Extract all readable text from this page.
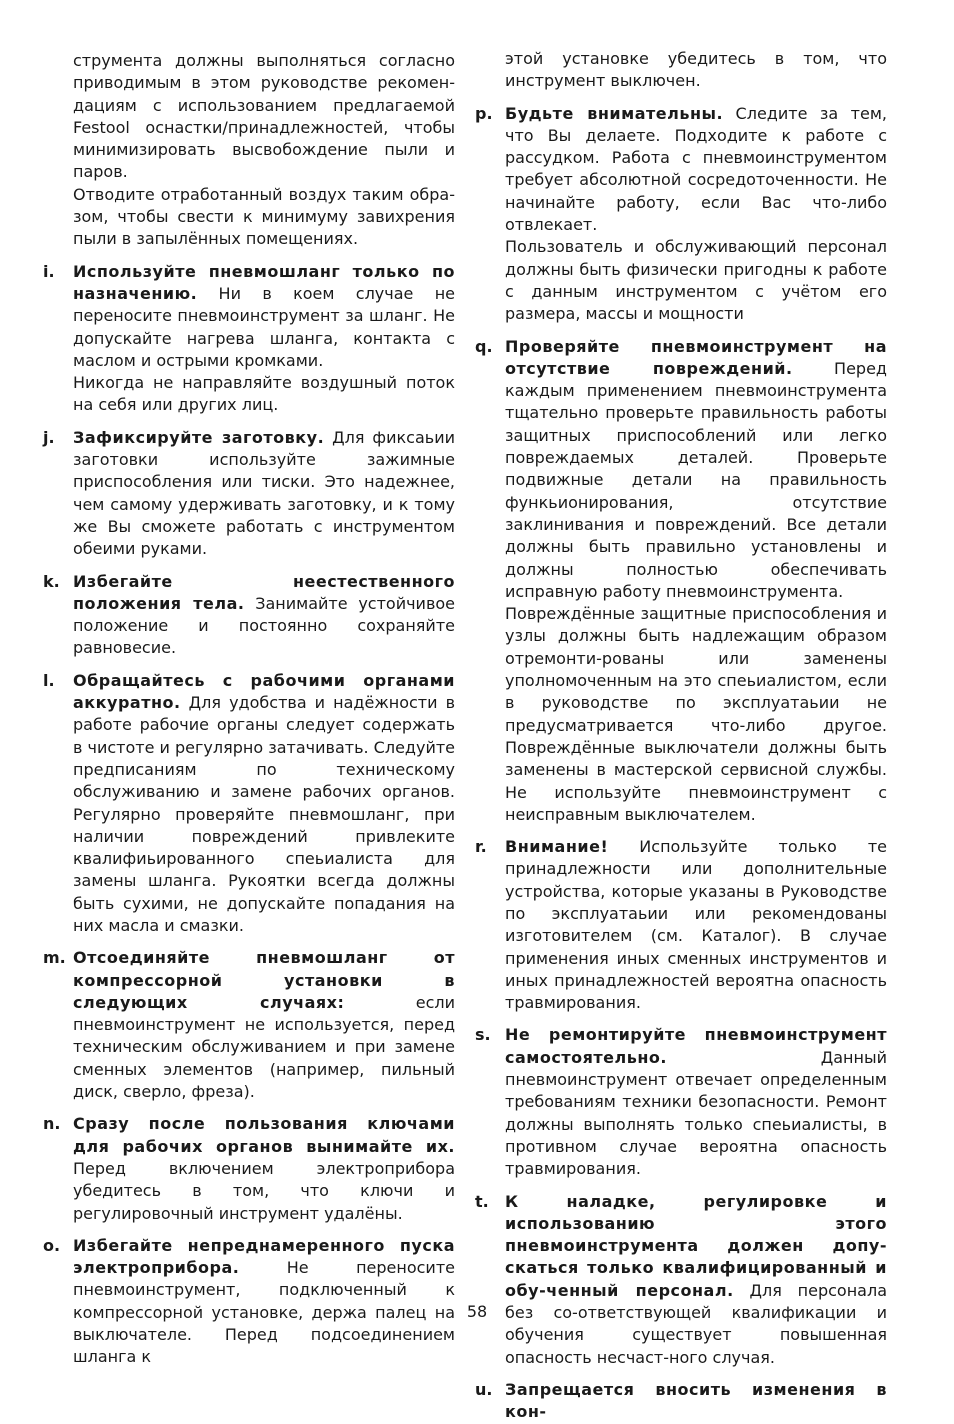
струмента должны выполняться согласно приводимым в этом руководстве рекомен-дациям с использованием предлагаемой Festool оснастки/принадлежностей, чтобы минимизировать высвобождение пыли и паров.

Отводите отработанный воздух таким обра-зом, чтобы свести к минимуму завихрения пыли в запылённых помещениях.

i. Используйте пневмошланг только по назначению. Ни в коем случае не переносите пневмоинструмент за шланг. Не допускайте нагрева шланга, контакта с маслом и острыми кромками.

Никогда не направляйте воздушный поток на себя или других лиц.

j. Зафиксируйте заготовку. Для фиксаьии заготовки используйте зажимные приспособления или тиски. Это надежнее, чем самому удерживать заготовку, и к тому же Вы сможете работать с инструментом обеими руками.

k. Избегайте неестественного положения тела. Занимайте устойчивое положение и постоянно сохраняйте равновесие.

l. Обращайтесь с рабочими органами аккуратно. Для удобства и надёжности в работе рабочие органы следует содержать в чистоте и регулярно затачивать. Следуйте предписаниям по техническому обслуживанию и замене рабочих органов. Регулярно проверяйте пневмошланг, при наличии повреждений привлеките квалифиьированного спеьиалиста для замены шланга. Рукоятки всегда должны быть сухими, не допускайте попадания на них масла и смазки.

m. Отсоединяйте пневмошланг от компрессорной установки в следующих случаях: если пневмоинструмент не используется, перед техническим обслуживанием и при замене сменных элементов (например, пильный диск, сверло, фреза).

n. Сразу после пользования ключами для рабочих органов вынимайте их. Перед включением электроприбора убедитесь в том, что ключи и регулировочный инструмент удалёны.

o. Избегайте непреднамеренного пуска электроприбора. Не переносите пневмоинструмент, подключенный к компрессорной установке, держа палец на выключателе. Перед подсоединением шланга к

этой установке убедитесь в том, что инструмент выключен.

p. Будьте внимательны. Следите за тем, что Вы делаете. Подходите к работе с рассудком. Работа с пневмоинструментом требует абсолютной сосредоточенности. Не начинайте работу, если Вас что-либо отвлекает.

Пользователь и обслуживающий персонал должны быть физически пригодны к работе с данным инструментом с учётом его размера, массы и мощности

q. Проверяйте пневмоинструмент на отсутствие повреждений. Перед каждым применением пневмоинструмента тщательно проверьте правильность работы защитных приспособлений или легко повреждаемых деталей. Проверьте подвижные детали на правильность функьионирования, отсутствие заклинивания и повреждений. Все детали должны быть правильно установлены и должны полностью обеспечивать исправную работу пневмоинструмента.

Повреждённые защитные приспособления и узлы должны быть надлежащим образом отремонти-рованы или заменены уполномоченным на это спеьиалистом, если в руководстве по эксплуатаьии не предусматривается что-либо другое. Повреждённые выключатели должны быть заменены в мастерской сервисной службы. Не используйте пневмоинструмент с неисправным выключателем.

r. Внимание! Используйте только те принадлежности или дополнительные устройства, которые указаны в Руководстве по эксплуатаьии или рекомендованы изготовителем (см. Каталог). В случае применения иных сменных инструментов и иных принадлежностей вероятна опасность травмирования.

s. Не ремонтируйте пневмоинструмент самостоятельно. Данный пневмоинструмент отвечает определенным требованиям техники безопасности. Ремонт должны выполнять только спеьиалисты, в противном случае вероятна опасность травмирования.

t. К наладке, регулировке и использованию этого пневмоинструмента должен допу-скаться только квалифицированный и обу-ченный персонал. Для персонала без со-ответствующей квалификации и обучения существует повышенная опасность несчаст-ного случая.

u. Запрещается вносить изменения в кон-

58
